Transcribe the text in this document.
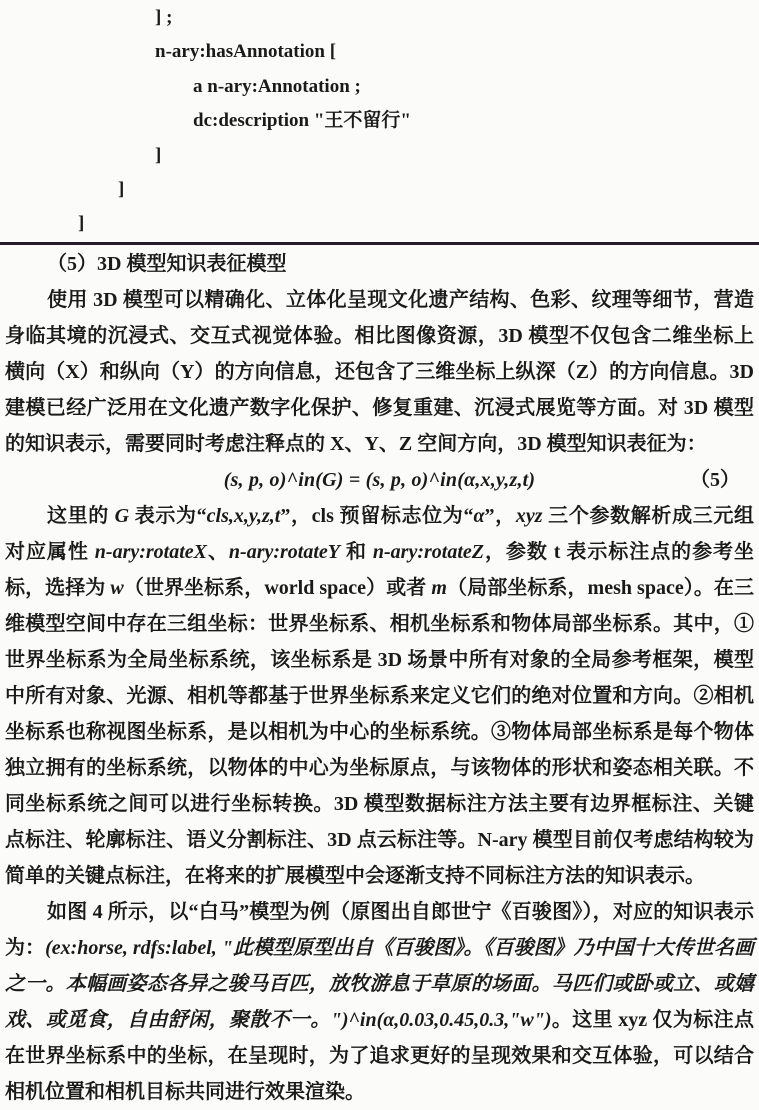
] ;
n-ary:hasAnnotation [
a n-ary:Annotation ;
dc:description "王不留行"
]
]
]

（5）3D 模型知识表征模型

使用 3D 模型可以精确化、立体化呈现文化遗产结构、色彩、纹理等细节，营造身临其境的沉浸式、交互式视觉体验。相比图像资源，3D 模型不仅包含二维坐标上横向（X）和纵向（Y）的方向信息，还包含了三维坐标上纵深（Z）的方向信息。3D 建模已经广泛用在文化遗产数字化保护、修复重建、沉浸式展览等方面。对 3D 模型的知识表示，需要同时考虑注释点的 X、Y、Z 空间方向，3D 模型知识表征为：

(s, p, o)^in(G) = (s, p, o)^in(α,x,y,z,t)	（5）

这里的 G 表示为“cls,x,y,z,t”，cls 预留标志位为“α”，xyz 三个参数解析成三元组对应属性 n-ary:rotateX、n-ary:rotateY 和 n-ary:rotateZ，参数 t 表示标注点的参考坐标，选择为 w（世界坐标系，world space）或者 m（局部坐标系，mesh space）。在三维模型空间中存在三组坐标：世界坐标系、相机坐标系和物体局部坐标系。其中，①世界坐标系为全局坐标系统，该坐标系是 3D 场景中所有对象的全局参考框架，模型中所有对象、光源、相机等都基于世界坐标系来定义它们的绝对位置和方向。②相机坐标系也称视图坐标系，是以相机为中心的坐标系统。③物体局部坐标系是每个物体独立拥有的坐标系统，以物体的中心为坐标原点，与该物体的形状和姿态相关联。不同坐标系统之间可以进行坐标转换。3D 模型数据标注方法主要有边界框标注、关键点标注、轮廓标注、语义分割标注、3D 点云标注等。N-ary 模型目前仅考虑结构较为简单的关键点标注，在将来的扩展模型中会逐渐支持不同标注方法的知识表示。

如图 4 所示，以“白马”模型为例（原图出自郎世宁《百骏图》），对应的知识表示为：(ex:horse, rdfs:label, "此模型原型出自《百骏图》。《百骏图》乃中国十大传世名画之一。本幅画姿态各异之骏马百匹，放牧游息于草原的场面。马匹们或卧或立、或嬉戏、或觅食，自由舒闲，聚散不一。")^in(α,0.03,0.45,0.3,"w")。这里 xyz 仅为标注点在世界坐标系中的坐标，在呈现时，为了追求更好的呈现效果和交互体验，可以结合相机位置和相机目标共同进行效果渲染。
